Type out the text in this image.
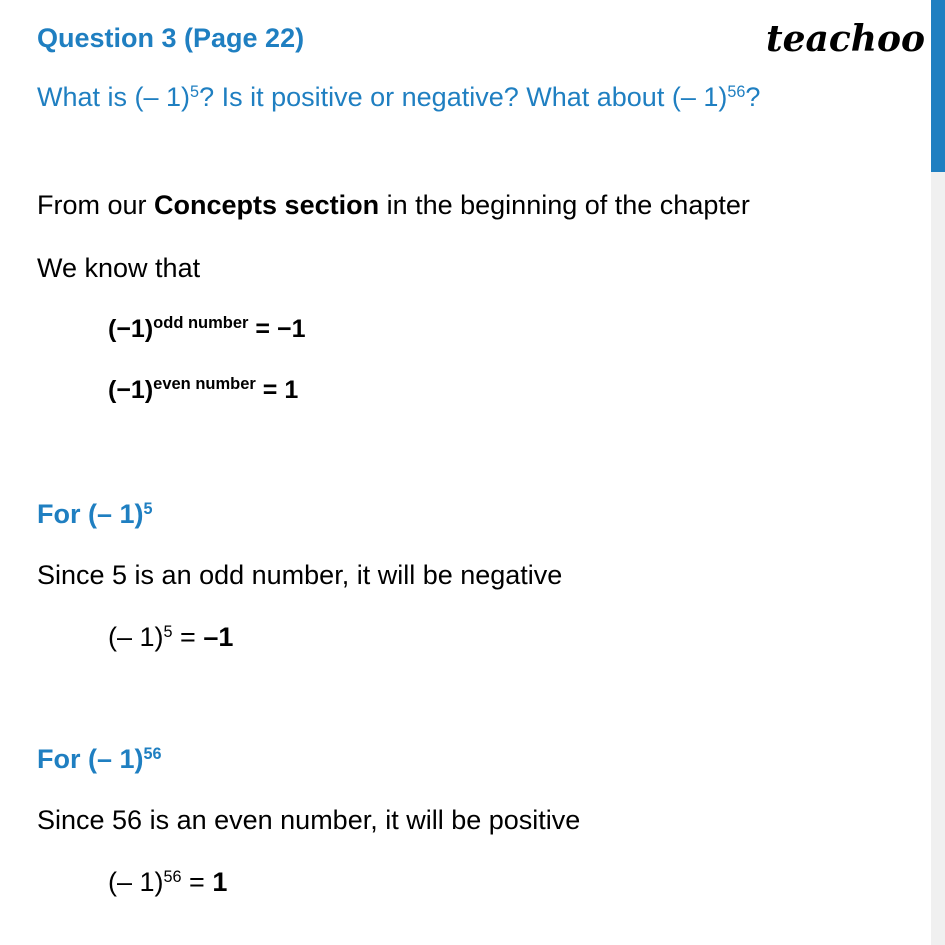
Question 3 (Page 22)	teachoo
What is (– 1)$^5$? Is it positive or negative? What about (– 1)$^{56}$?
From our Concepts section in the beginning of the chapter
We know that
$(-1)^{odd number} = -1$
$(-1)^{even number} = 1$
For (– 1)$^5$
Since 5 is an odd number, it will be negative
(– 1)$^5$ = –1
For (– 1)$^{56}$
Since 56 is an even number, it will be positive
(– 1)$^{56}$ = 1
